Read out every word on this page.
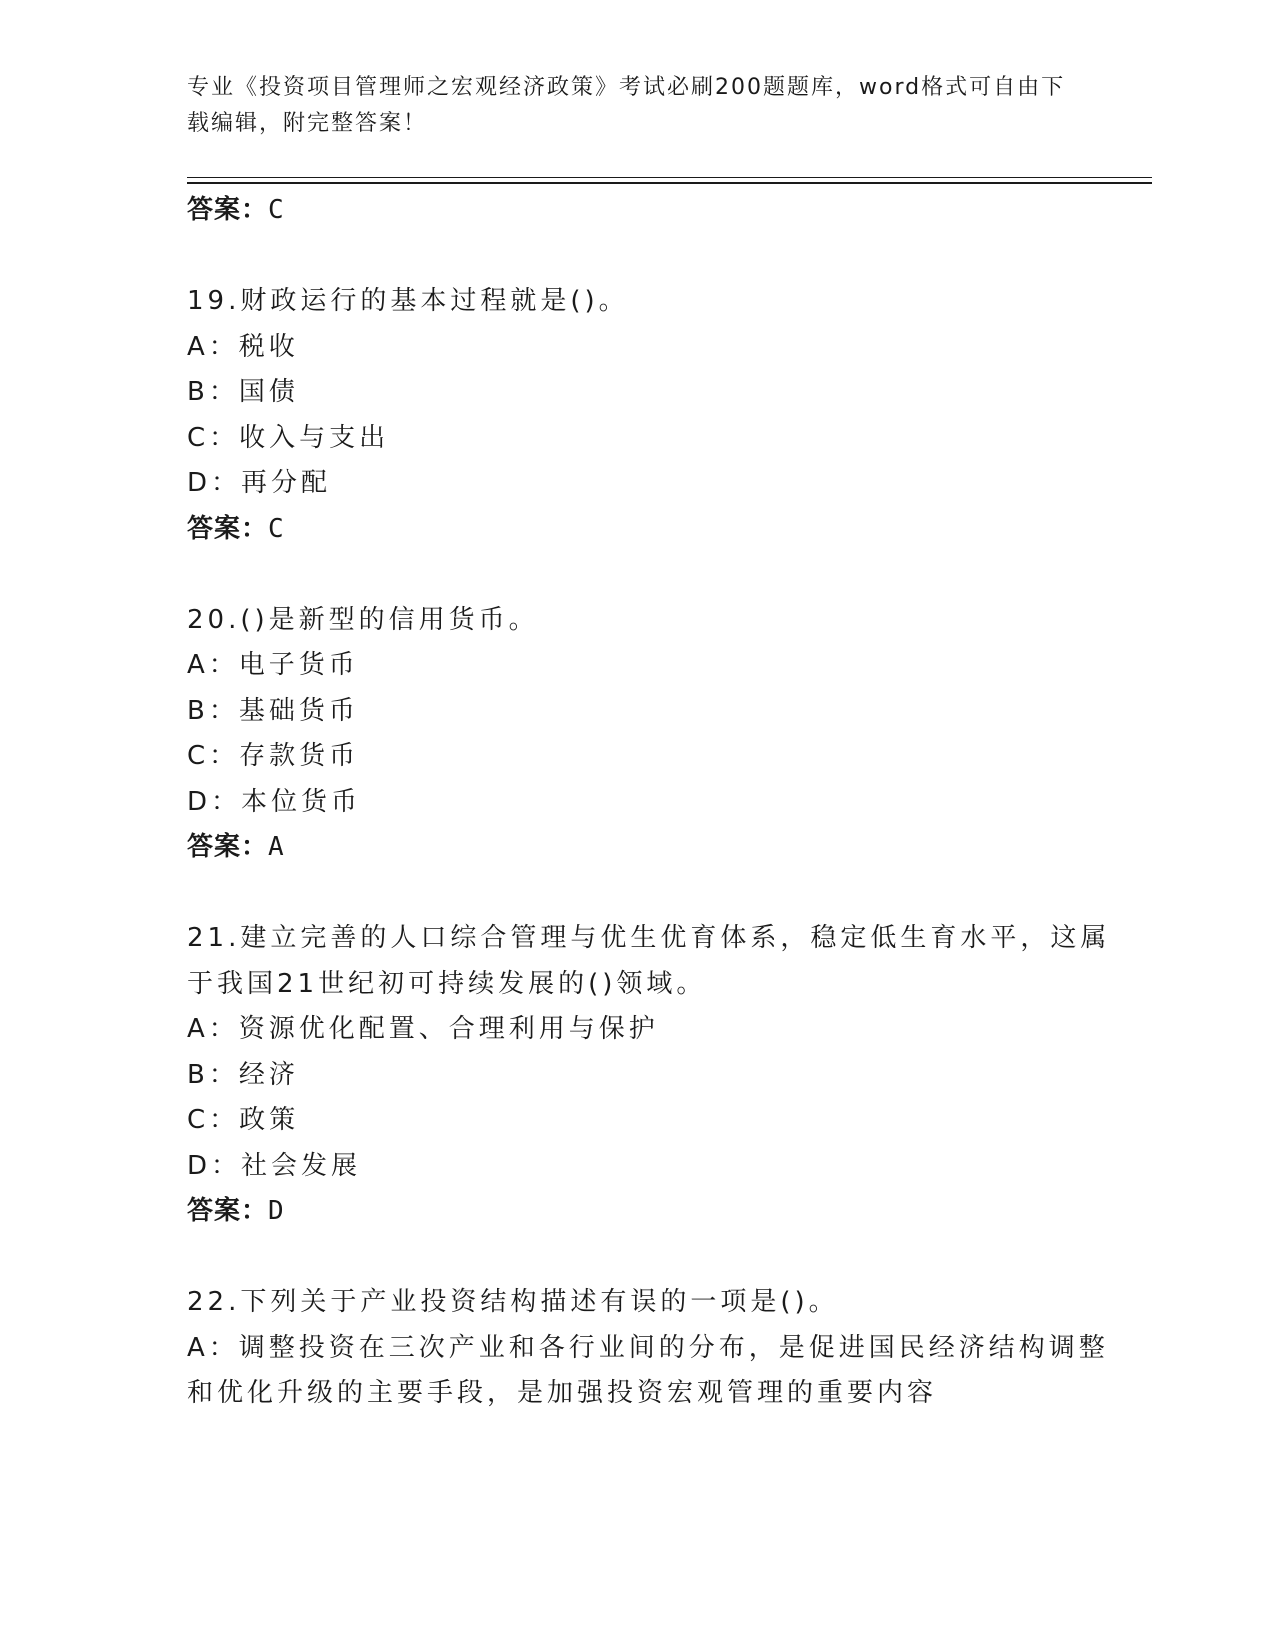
专业《投资项目管理师之宏观经济政策》考试必刷200题题库，word格式可自由下载编辑，附完整答案！
答案：C
19.财政运行的基本过程就是()。
A：税收
B：国债
C：收入与支出
D：再分配
答案：C
20.()是新型的信用货币。
A：电子货币
B：基础货币
C：存款货币
D：本位货币
答案：A
21.建立完善的人口综合管理与优生优育体系，稳定低生育水平，这属
于我国21世纪初可持续发展的()领域。
A：资源优化配置、合理利用与保护
B：经济
C：政策
D：社会发展
答案：D
22.下列关于产业投资结构描述有误的一项是()。
A：调整投资在三次产业和各行业间的分布，是促进国民经济结构调整
和优化升级的主要手段，是加强投资宏观管理的重要内容
